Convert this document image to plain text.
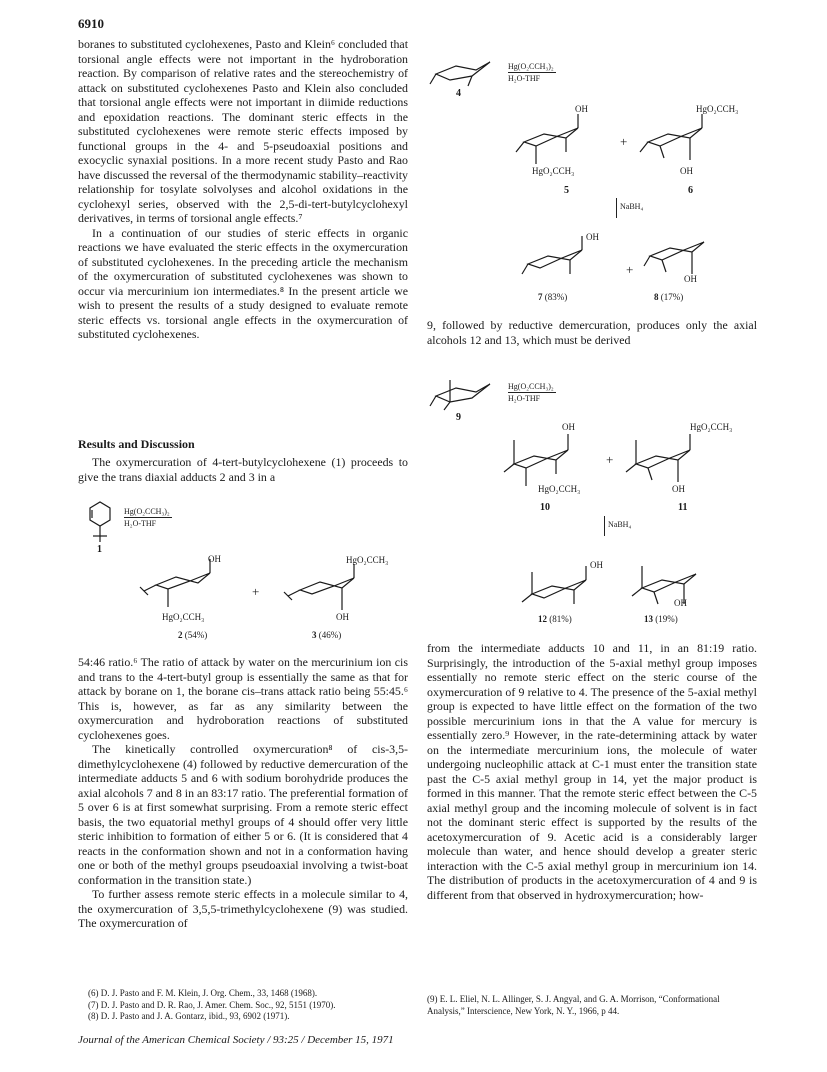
6910

boranes to substituted cyclohexenes, Pasto and Klein⁶ concluded that torsional angle effects were not important in the hydroboration reaction. By comparison of relative rates and the stereochemistry of attack on substituted cyclohexenes Pasto and Klein also concluded that torsional angle effects were not important in diimide reductions and epoxidation reactions. The dominant steric effects in the substituted cyclohexenes were remote steric effects imposed by functional groups in the 4- and 5-pseudoaxial positions and exocyclic synaxial positions. In a more recent study Pasto and Rao have discussed the reversal of the thermodynamic stability–reactivity relationship for tosylate solvolyses and alcohol oxidations in the cyclohexyl series, observed with the 2,5-di-tert-butylcyclohexyl derivatives, in terms of torsional angle effects.⁷

In a continuation of our studies of steric effects in organic reactions we have evaluated the steric effects in the oxymercuration of substituted cyclohexenes. In the preceding article the mechanism of the oxymercuration of substituted cyclohexenes was shown to occur via mercurinium ion intermediates.⁸ In the present article we wish to present the results of a study designed to evaluate remote steric effects vs. torsional angle effects in the oxymercuration of substituted cyclohexenes.

Results and Discussion

The oxymercuration of 4-tert-butylcyclohexene (1) proceeds to give the trans diaxial adducts 2 and 3 in a

Hg(O₂CCH₃)₂
H₂O-THF
1
OH
HgO₂CCH₃
+
HgO₂CCH₃
OH
2 (54%)	3 (46%)

54:46 ratio.⁶ The ratio of attack by water on the mercurinium ion cis and trans to the 4-tert-butyl group is essentially the same as that for attack by borane on 1, the borane cis–trans attack ratio being 55:45.⁶ This is, however, as far as any similarity between the oxymercuration and hydroboration reactions of substituted cyclohexenes goes.

The kinetically controlled oxymercuration⁸ of cis-3,5-dimethylcyclohexene (4) followed by reductive demercuration of the intermediate adducts 5 and 6 with sodium borohydride produces the axial alcohols 7 and 8 in an 83:17 ratio. The preferential formation of 5 over 6 is at first somewhat surprising. From a remote steric effect basis, the two equatorial methyl groups of 4 should offer very little steric inhibition to formation of either 5 or 6. (It is considered that 4 reacts in the conformation shown and not in a conformation having one or both of the methyl groups pseudoaxial involving a twist-boat conformation in the transition state.)

To further assess remote steric effects in a molecule similar to 4, the oxymercuration of 3,5,5-trimethylcyclohexene (9) was studied. The oxymercuration of

(6) D. J. Pasto and F. M. Klein, J. Org. Chem., 33, 1468 (1968).
(7) D. J. Pasto and D. R. Rao, J. Amer. Chem. Soc., 92, 5151 (1970).
(8) D. J. Pasto and J. A. Gontarz, ibid., 93, 6902 (1971).
4
Hg(O₂CCH₃)₂
H₂O-THF
OH
HgO₂CCH₃
5
+
HgO₂CCH₃
OH
6
NaBH₄
OH
7 (83%)
+
OH
8 (17%)

9, followed by reductive demercuration, produces only the axial alcohols 12 and 13, which must be derived

9
Hg(O₂CCH₃)₂
H₂O-THF
OH
HgO₂CCH₃
10
+
HgO₂CCH₃
OH
11
NaBH₄
OH
12 (81%)
OH
13 (19%)

from the intermediate adducts 10 and 11, in an 81:19 ratio. Surprisingly, the introduction of the 5-axial methyl group imposes essentially no remote steric effect on the steric course of the oxymercuration of 9 relative to 4. The presence of the 5-axial methyl group is expected to have little effect on the formation of the two possible mercurinium ions in that the A value for mercury is essentially zero.⁹ However, in the rate-determining attack by water on the intermediate mercurinium ions, the molecule of water undergoing nucleophilic attack at C-1 must enter the transition state past the C-5 axial methyl group in 14, yet the major product is formed in this manner. That the remote steric effect between the C-5 axial methyl group and the incoming molecule of solvent is in fact not the dominant steric effect is supported by the results of the acetoxymercuration of 9. Acetic acid is a considerably larger molecule than water, and hence should develop a greater steric interaction with the C-5 axial methyl group in mercurinium ion 14. The distribution of products in the acetoxymercuration of 4 and 9 is different from that observed in hydroxymercuration; how-

(9) E. L. Eliel, N. L. Allinger, S. J. Angyal, and G. A. Morrison, “Conformational Analysis,” Interscience, New York, N. Y., 1966, p 44.
Journal of the American Chemical Society / 93:25 / December 15, 1971
